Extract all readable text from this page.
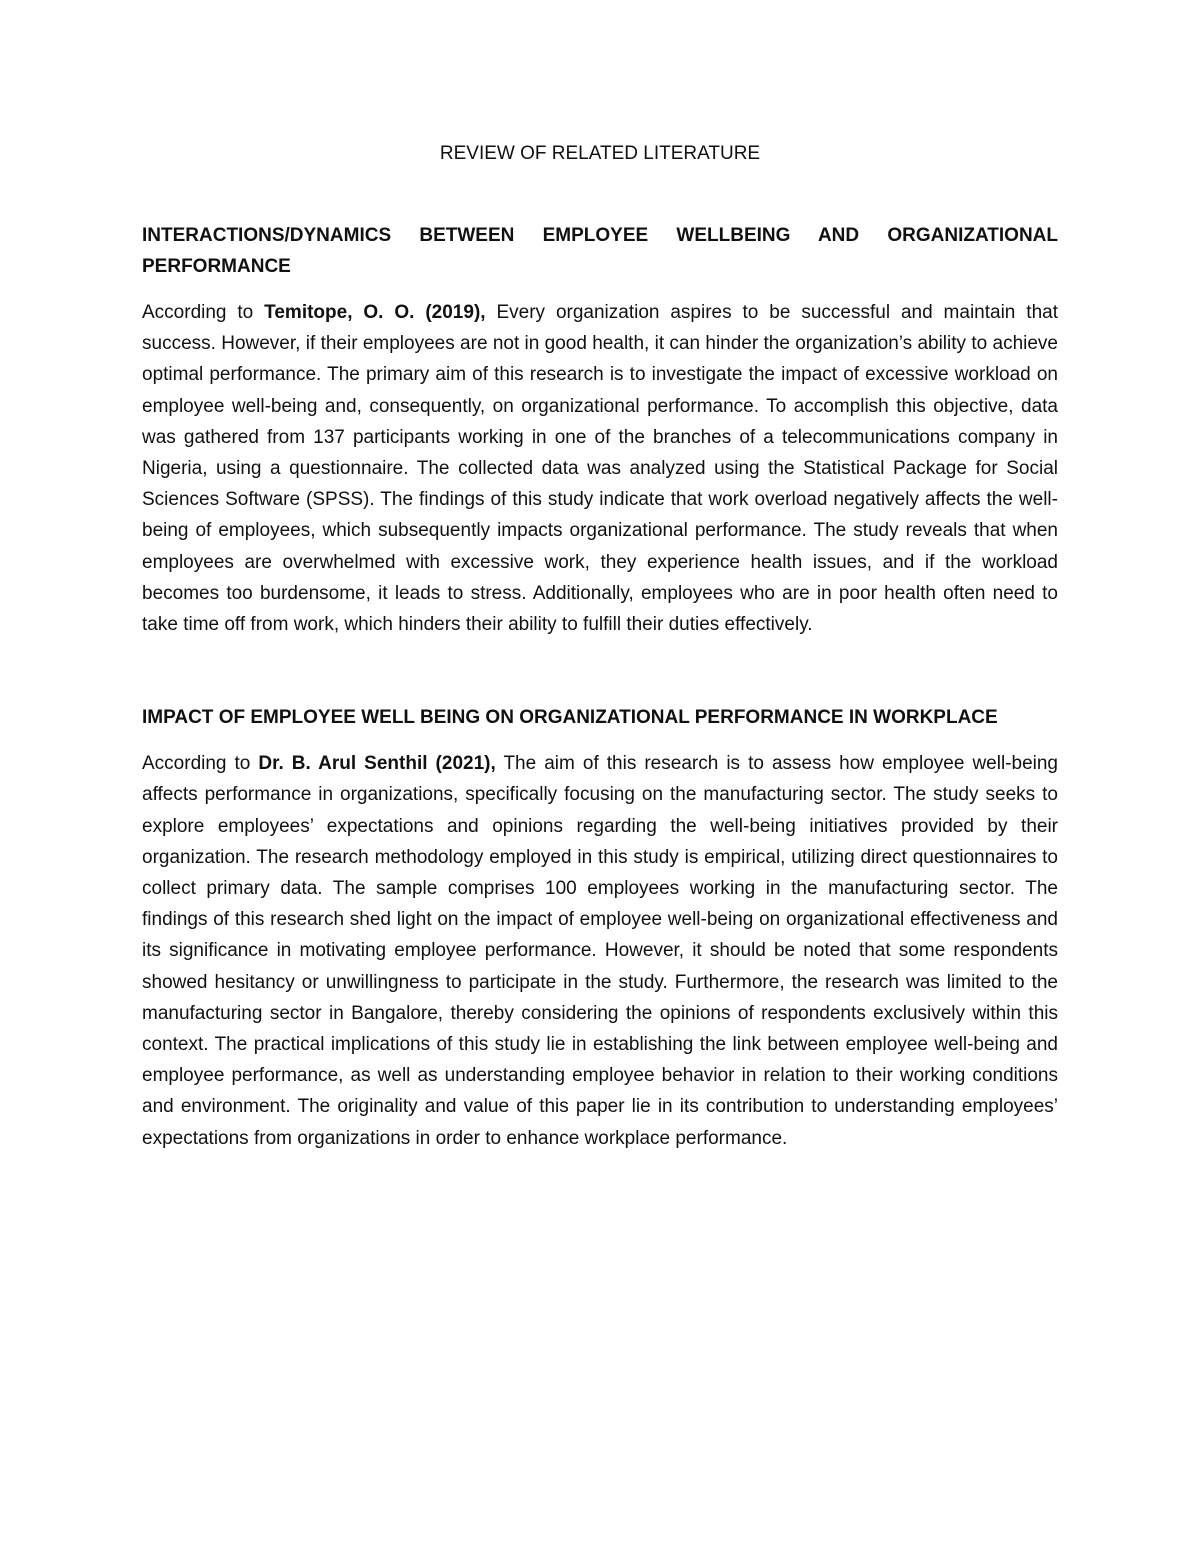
REVIEW OF RELATED LITERATURE
INTERACTIONS/DYNAMICS BETWEEN EMPLOYEE WELLBEING AND ORGANIZATIONAL PERFORMANCE

According to Temitope, O. O. (2019), Every organization aspires to be successful and maintain that success. However, if their employees are not in good health, it can hinder the organization’s ability to achieve optimal performance. The primary aim of this research is to investigate the impact of excessive workload on employee well-being and, consequently, on organizational performance. To accomplish this objective, data was gathered from 137 participants working in one of the branches of a telecommunications company in Nigeria, using a questionnaire. The collected data was analyzed using the Statistical Package for Social Sciences Software (SPSS). The findings of this study indicate that work overload negatively affects the well-being of employees, which subsequently impacts organizational performance. The study reveals that when employees are overwhelmed with excessive work, they experience health issues, and if the workload becomes too burdensome, it leads to stress. Additionally, employees who are in poor health often need to take time off from work, which hinders their ability to fulfill their duties effectively.

IMPACT OF EMPLOYEE WELL BEING ON ORGANIZATIONAL PERFORMANCE IN WORKPLACE

According to Dr. B. Arul Senthil (2021), The aim of this research is to assess how employee well-being affects performance in organizations, specifically focusing on the manufacturing sector. The study seeks to explore employees’ expectations and opinions regarding the well-being initiatives provided by their organization. The research methodology employed in this study is empirical, utilizing direct questionnaires to collect primary data. The sample comprises 100 employees working in the manufacturing sector. The findings of this research shed light on the impact of employee well-being on organizational effectiveness and its significance in motivating employee performance. However, it should be noted that some respondents showed hesitancy or unwillingness to participate in the study. Furthermore, the research was limited to the manufacturing sector in Bangalore, thereby considering the opinions of respondents exclusively within this context. The practical implications of this study lie in establishing the link between employee well-being and employee performance, as well as understanding employee behavior in relation to their working conditions and environment. The originality and value of this paper lie in its contribution to understanding employees’ expectations from organizations in order to enhance workplace performance.
